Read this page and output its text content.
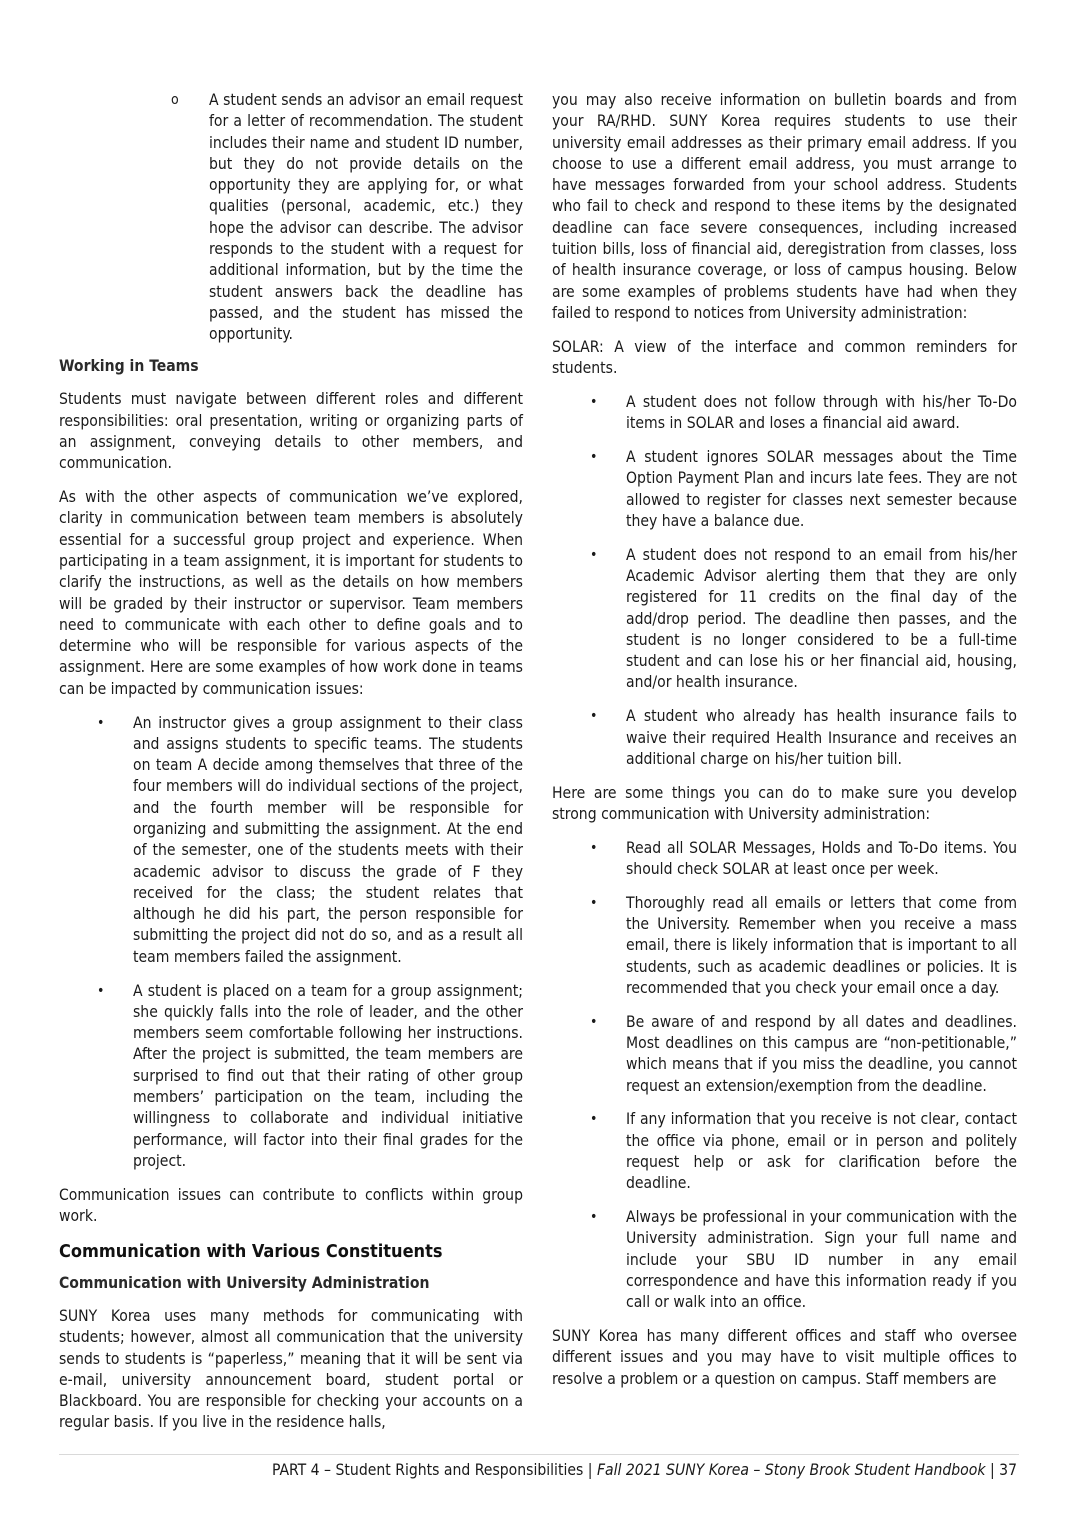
o A student sends an advisor an email request for a letter of recommendation. The student includes their name and student ID number, but they do not provide details on the opportunity they are applying for, or what qualities (personal, academic, etc.) they hope the advisor can describe. The advisor responds to the student with a request for additional information, but by the time the student answers back the deadline has passed, and the student has missed the opportunity.
Working in Teams

Students must navigate between different roles and different responsibilities: oral presentation, writing or organizing parts of an assignment, conveying details to other members, and communication.

As with the other aspects of communication we’ve explored, clarity in communication between team members is absolutely essential for a successful group project and experience. When participating in a team assignment, it is important for students to clarify the instructions, as well as the details on how members will be graded by their instructor or supervisor. Team members need to communicate with each other to define goals and to determine who will be responsible for various aspects of the assignment. Here are some examples of how work done in teams can be impacted by communication issues:

• An instructor gives a group assignment to their class and assigns students to specific teams. The students on team A decide among themselves that three of the four members will do individual sections of the project, and the fourth member will be responsible for organizing and submitting the assignment. At the end of the semester, one of the students meets with their academic advisor to discuss the grade of F they received for the class; the student relates that although he did his part, the person responsible for submitting the project did not do so, and as a result all team members failed the assignment.
• A student is placed on a team for a group assignment; she quickly falls into the role of leader, and the other members seem comfortable following her instructions. After the project is submitted, the team members are surprised to find out that their rating of other group members’ participation on the team, including the willingness to collaborate and individual initiative performance, will factor into their final grades for the project.

Communication issues can contribute to conflicts within group work.

Communication with Various Constituents
Communication with University Administration

SUNY Korea uses many methods for communicating with students; however, almost all communication that the university sends to students is “paperless,” meaning that it will be sent via e-mail, university announcement board, student portal or Blackboard. You are responsible for checking your accounts on a regular basis. If you live in the residence halls,

you may also receive information on bulletin boards and from your RA/RHD. SUNY Korea requires students to use their university email addresses as their primary email address. If you choose to use a different email address, you must arrange to have messages forwarded from your school address. Students who fail to check and respond to these items by the designated deadline can face severe consequences, including increased tuition bills, loss of financial aid, deregistration from classes, loss of health insurance coverage, or loss of campus housing. Below are some examples of problems students have had when they failed to respond to notices from University administration:

SOLAR: A view of the interface and common reminders for students.

• A student does not follow through with his/her To-Do items in SOLAR and loses a financial aid award.
• A student ignores SOLAR messages about the Time Option Payment Plan and incurs late fees. They are not allowed to register for classes next semester because they have a balance due.
• A student does not respond to an email from his/her Academic Advisor alerting them that they are only registered for 11 credits on the final day of the add/drop period. The deadline then passes, and the student is no longer considered to be a full-time student and can lose his or her financial aid, housing, and/or health insurance.
• A student who already has health insurance fails to waive their required Health Insurance and receives an additional charge on his/her tuition bill.

Here are some things you can do to make sure you develop strong communication with University administration:

• Read all SOLAR Messages, Holds and To-Do items. You should check SOLAR at least once per week.
• Thoroughly read all emails or letters that come from the University. Remember when you receive a mass email, there is likely information that is important to all students, such as academic deadlines or policies. It is recommended that you check your email once a day.
• Be aware of and respond by all dates and deadlines. Most deadlines on this campus are “non-petitionable,” which means that if you miss the deadline, you cannot request an extension/exemption from the deadline.
• If any information that you receive is not clear, contact the office via phone, email or in person and politely request help or ask for clarification before the deadline.
• Always be professional in your communication with the University administration. Sign your full name and include your SBU ID number in any email correspondence and have this information ready if you call or walk into an office.

SUNY Korea has many different offices and staff who oversee different issues and you may have to visit multiple offices to resolve a problem or a question on campus. Staff members are

PART 4 – Student Rights and Responsibilities | Fall 2021 SUNY Korea – Stony Brook Student Handbook | 37
